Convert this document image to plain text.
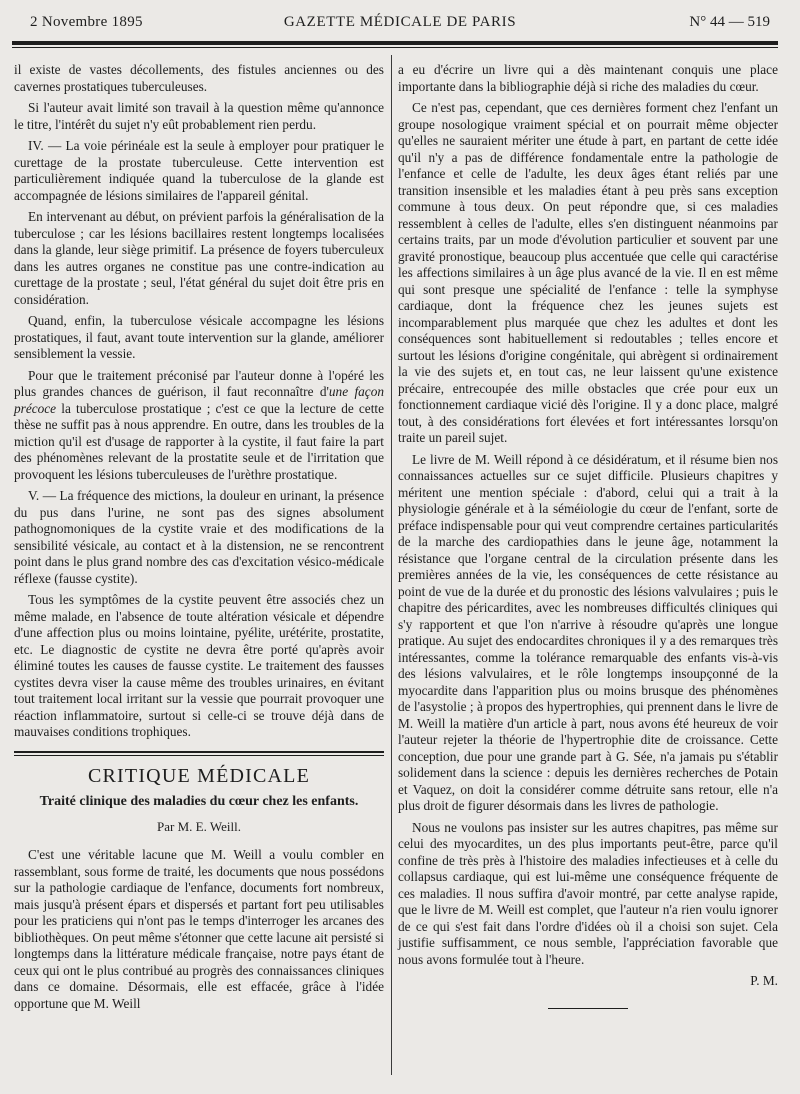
2 Novembre 1895	GAZETTE MÉDICALE DE PARIS	N° 44 — 519

il existe de vastes décollements, des fistules anciennes ou des cavernes prostatiques tuberculeuses.

Si l'auteur avait limité son travail à la question même qu'annonce le titre, l'intérêt du sujet n'y eût probablement rien perdu.

IV. — La voie périnéale est la seule à employer pour pratiquer le curettage de la prostate tuberculeuse. Cette intervention est particulièrement indiquée quand la tuberculose de la glande est accompagnée de lésions similaires de l'appareil génital.

En intervenant au début, on prévient parfois la généralisation de la tuberculose ; car les lésions bacillaires restent longtemps localisées dans la glande, leur siège primitif. La présence de foyers tuberculeux dans les autres organes ne constitue pas une contre-indication au curettage de la prostate ; seul, l'état général du sujet doit être pris en considération.

Quand, enfin, la tuberculose vésicale accompagne les lésions prostatiques, il faut, avant toute intervention sur la glande, améliorer sensiblement la vessie.

Pour que le traitement préconisé par l'auteur donne à l'opéré les plus grandes chances de guérison, il faut reconnaître d'une façon précoce la tuberculose prostatique ; c'est ce que la lecture de cette thèse ne suffit pas à nous apprendre. En outre, dans les troubles de la miction qu'il est d'usage de rapporter à la cystite, il faut faire la part des phénomènes relevant de la prostatite seule et de l'irritation que provoquent les lésions tuberculeuses de l'urèthre prostatique.

V. — La fréquence des mictions, la douleur en urinant, la présence du pus dans l'urine, ne sont pas des signes absolument pathognomoniques de la cystite vraie et des modifications de la sensibilité vésicale, au contact et à la distension, ne se rencontrent point dans le plus grand nombre des cas d'excitation vésico-médicale réflexe (fausse cystite).

Tous les symptômes de la cystite peuvent être associés chez un même malade, en l'absence de toute altération vésicale et dépendre d'une affection plus ou moins lointaine, pyélite, urétérite, prostatite, etc. Le diagnostic de cystite ne devra être porté qu'après avoir éliminé toutes les causes de fausse cystite. Le traitement des fausses cystites devra viser la cause même des troubles urinaires, en évitant tout traitement local irritant sur la vessie que pourrait provoquer une réaction inflammatoire, surtout si celle-ci se trouve déjà dans de mauvaises conditions trophiques.

CRITIQUE MÉDICALE
Traité clinique des maladies du cœur chez les enfants.
Par M. E. Weill.

C'est une véritable lacune que M. Weill a voulu combler en rassemblant, sous forme de traité, les documents que nous possédons sur la pathologie cardiaque de l'enfance, documents fort nombreux, mais jusqu'à présent épars et dispersés et partant fort peu utilisables pour les praticiens qui n'ont pas le temps d'interroger les arcanes des bibliothèques. On peut même s'étonner que cette lacune ait persisté si longtemps dans la littérature médicale française, notre pays étant de ceux qui ont le plus contribué au progrès des connaissances cliniques dans ce domaine. Désormais, elle est effacée, grâce à l'idée opportune que M. Weill

a eu d'écrire un livre qui a dès maintenant conquis une place importante dans la bibliographie déjà si riche des maladies du cœur.

Ce n'est pas, cependant, que ces dernières forment chez l'enfant un groupe nosologique vraiment spécial et on pourrait même objecter qu'elles ne sauraient mériter une étude à part, en partant de cette idée qu'il n'y a pas de différence fondamentale entre la pathologie de l'enfance et celle de l'adulte, les deux âges étant reliés par une transition insensible et les maladies étant à peu près sans exception commune à tous deux. On peut répondre que, si ces maladies ressemblent à celles de l'adulte, elles s'en distinguent néanmoins par certains traits, par un mode d'évolution particulier et souvent par une gravité pronostique, beaucoup plus accentuée que celle qui caractérise les affections similaires à un âge plus avancé de la vie. Il en est même qui sont presque une spécialité de l'enfance : telle la symphyse cardiaque, dont la fréquence chez les jeunes sujets est incomparablement plus marquée que chez les adultes et dont les conséquences sont habituellement si redoutables ; telles encore et surtout les lésions d'origine congénitale, qui abrègent si ordinairement la vie des sujets et, en tout cas, ne leur laissent qu'une existence précaire, entrecoupée des mille obstacles que crée pour eux un fonctionnement cardiaque vicié dès l'origine. Il y a donc place, malgré tout, à des considérations fort élevées et fort intéressantes lorsqu'on traite un pareil sujet.

Le livre de M. Weill répond à ce désidératum, et il résume bien nos connaissances actuelles sur ce sujet difficile. Plusieurs chapitres y méritent une mention spéciale : d'abord, celui qui a trait à la physiologie générale et à la séméiologie du cœur de l'enfant, sorte de préface indispensable pour qui veut comprendre certaines particularités de la marche des cardiopathies dans le jeune âge, notamment la résistance que l'organe central de la circulation présente dans les premières années de la vie, les conséquences de cette résistance au point de vue de la durée et du pronostic des lésions valvulaires ; puis le chapitre des péricardites, avec les nombreuses difficultés cliniques qui s'y rapportent et que l'on n'arrive à résoudre qu'après une longue pratique. Au sujet des endocardites chroniques il y a des remarques très intéressantes, comme la tolérance remarquable des enfants vis-à-vis des lésions valvulaires, et le rôle longtemps insoupçonné de la myocardite dans l'apparition plus ou moins brusque des phénomènes de l'asystolie ; à propos des hypertrophies, qui prennent dans le livre de M. Weill la matière d'un article à part, nous avons été heureux de voir l'auteur rejeter la théorie de l'hypertrophie dite de croissance. Cette conception, due pour une grande part à G. Sée, n'a jamais pu s'établir solidement dans la science : depuis les dernières recherches de Potain et Vaquez, on doit la considérer comme détruite sans retour, elle n'a plus droit de figurer désormais dans les livres de pathologie.

Nous ne voulons pas insister sur les autres chapitres, pas même sur celui des myocardites, un des plus importants peut-être, parce qu'il confine de très près à l'histoire des maladies infectieuses et à celle du collapsus cardiaque, qui est lui-même une conséquence fréquente de ces maladies. Il nous suffira d'avoir montré, par cette analyse rapide, que le livre de M. Weill est complet, que l'auteur n'a rien voulu ignorer de ce qui s'est fait dans l'ordre d'idées où il a choisi son sujet. Cela justifie suffisamment, ce nous semble, l'appréciation favorable que nous avons formulée tout à l'heure.

P. M.
